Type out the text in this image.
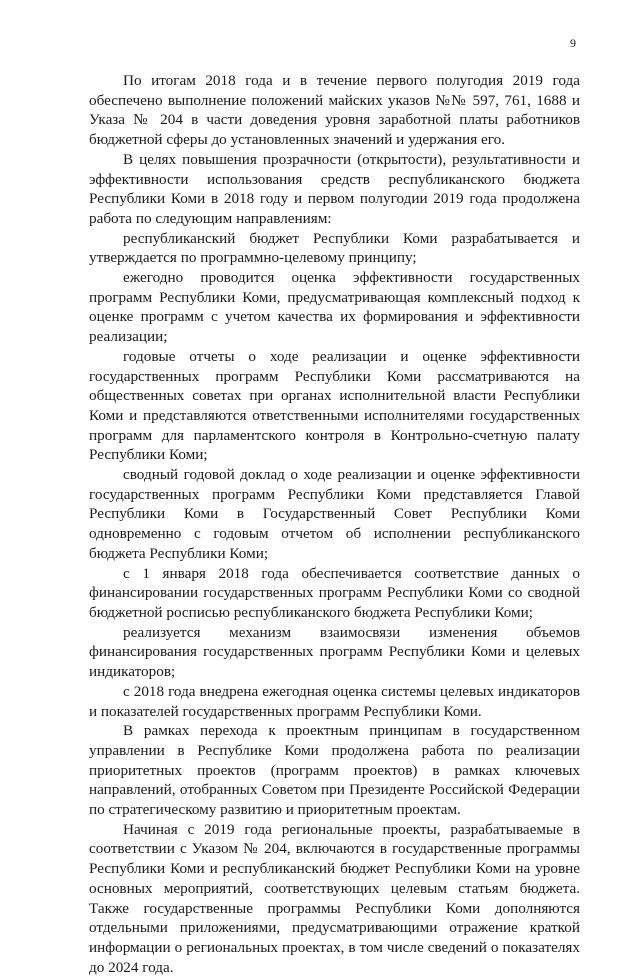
9

По итогам 2018 года и в течение первого полугодия 2019 года обеспечено выполнение положений майских указов №№ 597, 761, 1688 и Указа № 204 в части доведения уровня заработной платы работников бюджетной сферы до установленных значений и удержания его.

В целях повышения прозрачности (открытости), результативности и эффективности использования средств республиканского бюджета Республики Коми в 2018 году и первом полугодии 2019 года продолжена работа по следующим направлениям:

республиканский бюджет Республики Коми разрабатывается и утверждается по программно-целевому принципу;

ежегодно проводится оценка эффективности государственных программ Республики Коми, предусматривающая комплексный подход к оценке программ с учетом качества их формирования и эффективности реализации;

годовые отчеты о ходе реализации и оценке эффективности государственных программ Республики Коми рассматриваются на общественных советах при органах исполнительной власти Республики Коми и представляются ответственными исполнителями государственных программ для парламентского контроля в Контрольно-счетную палату Республики Коми;

сводный годовой доклад о ходе реализации и оценке эффективности государственных программ Республики Коми представляется Главой Республики Коми в Государственный Совет Республики Коми одновременно с годовым отчетом об исполнении республиканского бюджета Республики Коми;

с 1 января 2018 года обеспечивается соответствие данных о финансировании государственных программ Республики Коми со сводной бюджетной росписью республиканского бюджета Республики Коми;

реализуется механизм взаимосвязи изменения объемов финансирования государственных программ Республики Коми и целевых индикаторов;

с 2018 года внедрена ежегодная оценка системы целевых индикаторов и показателей государственных программ Республики Коми.

В рамках перехода к проектным принципам в государственном управлении в Республике Коми продолжена работа по реализации приоритетных проектов (программ проектов) в рамках ключевых направлений, отобранных Советом при Президенте Российской Федерации по стратегическому развитию и приоритетным проектам.

Начиная с 2019 года региональные проекты, разрабатываемые в соответствии с Указом № 204, включаются в государственные программы Республики Коми и республиканский бюджет Республики Коми на уровне основных мероприятий, соответствующих целевым статьям бюджета. Также государственные программы Республики Коми дополняются отдельными приложениями, предусматривающими отражение краткой информации о региональных проектах, в том числе сведений о показателях до 2024 года.
